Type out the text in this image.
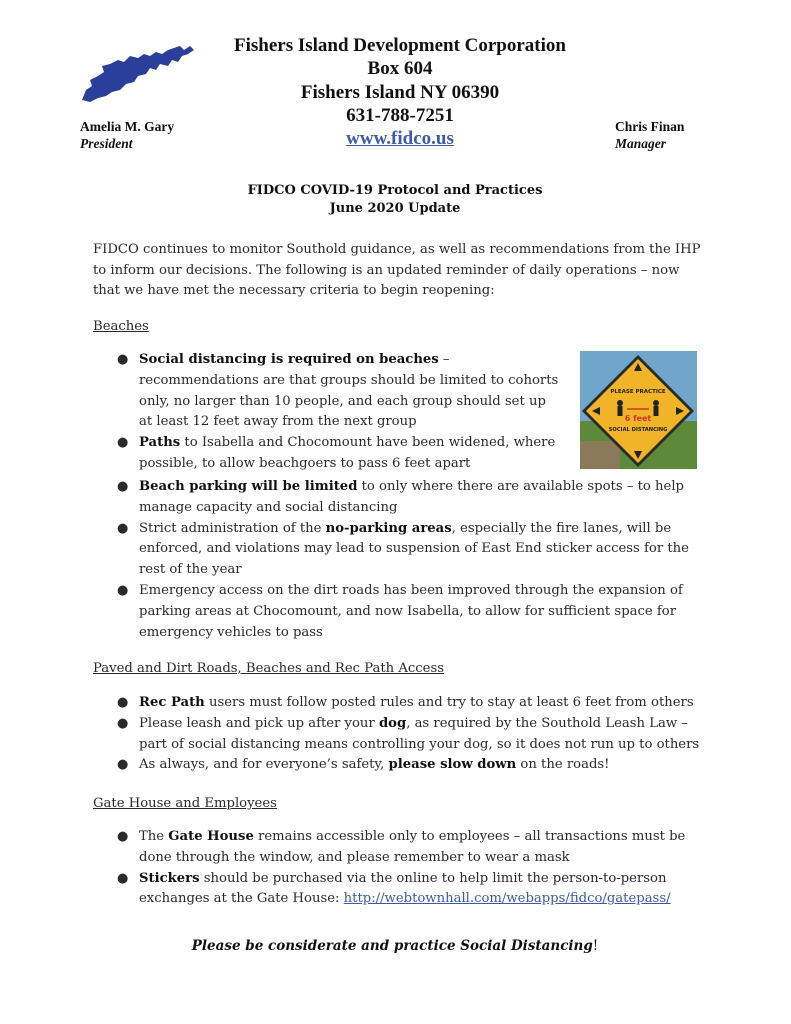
Fishers Island Development Corporation
Box 604
Fishers Island NY 06390
631-788-7251
www.fidco.us
Amelia M. Gary
President
Chris Finan
Manager
FIDCO COVID-19 Protocol and Practices
June 2020 Update
FIDCO continues to monitor Southold guidance, as well as recommendations from the IHP to inform our decisions. The following is an updated reminder of daily operations – now that we have met the necessary criteria to begin reopening:
Beaches
● Social distancing is required on beaches – recommendations are that groups should be limited to cohorts only, no larger than 10 people, and each group should set up at least 12 feet away from the next group
● Paths to Isabella and Chocomount have been widened, where possible, to allow beachgoers to pass 6 feet apart
● Beach parking will be limited to only where there are available spots – to help manage capacity and social distancing
● Strict administration of the no-parking areas, especially the fire lanes, will be enforced, and violations may lead to suspension of East End sticker access for the rest of the year
● Emergency access on the dirt roads has been improved through the expansion of parking areas at Chocomount, and now Isabella, to allow for sufficient space for emergency vehicles to pass
PLEASE PRACTICE
6 feet
SOCIAL DISTANCING
Paved and Dirt Roads, Beaches and Rec Path Access
● Rec Path users must follow posted rules and try to stay at least 6 feet from others
● Please leash and pick up after your dog, as required by the Southold Leash Law – part of social distancing means controlling your dog, so it does not run up to others
● As always, and for everyone’s safety, please slow down on the roads!
Gate House and Employees
● The Gate House remains accessible only to employees – all transactions must be done through the window, and please remember to wear a mask
● Stickers should be purchased via the online to help limit the person-to-person exchanges at the Gate House: http://webtownhall.com/webapps/fidco/gatepass/
Please be considerate and practice Social Distancing!
